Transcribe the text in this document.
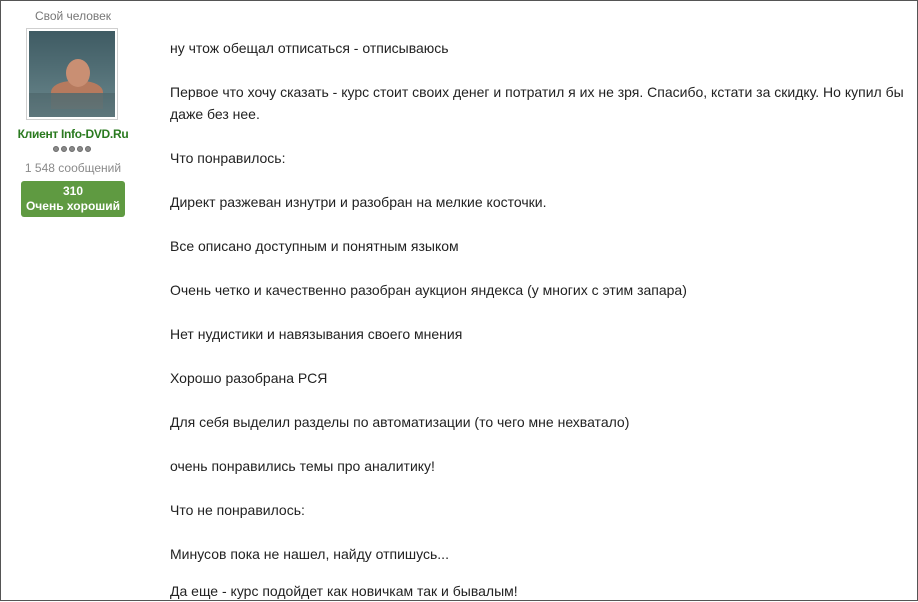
Свой человек
Клиент Info-DVD.Ru
1 548 сообщений
310
Очень хороший

ну чтож обещал отписаться - отписываюсь

Первое что хочу сказать - курс стоит своих денег и потратил я их не зря. Спасибо, кстати за скидку. Но купил бы

даже без нее.

Что понравилось:

Директ разжеван изнутри и разобран на мелкие косточки.

Все описано доступным и понятным языком

Очень четко и качественно разобран аукцион яндекса (у многих с этим запара)

Нет нудистики и навязывания своего мнения

Хорошо разобрана РСЯ

Для себя выделил разделы по автоматизации (то чего мне нехватало)

очень понравились темы про аналитику!

Что не понравилось:

Минусов пока не нашел, найду отпишусь...

Да еще - курс подойдет как новичкам так и бывалым!
